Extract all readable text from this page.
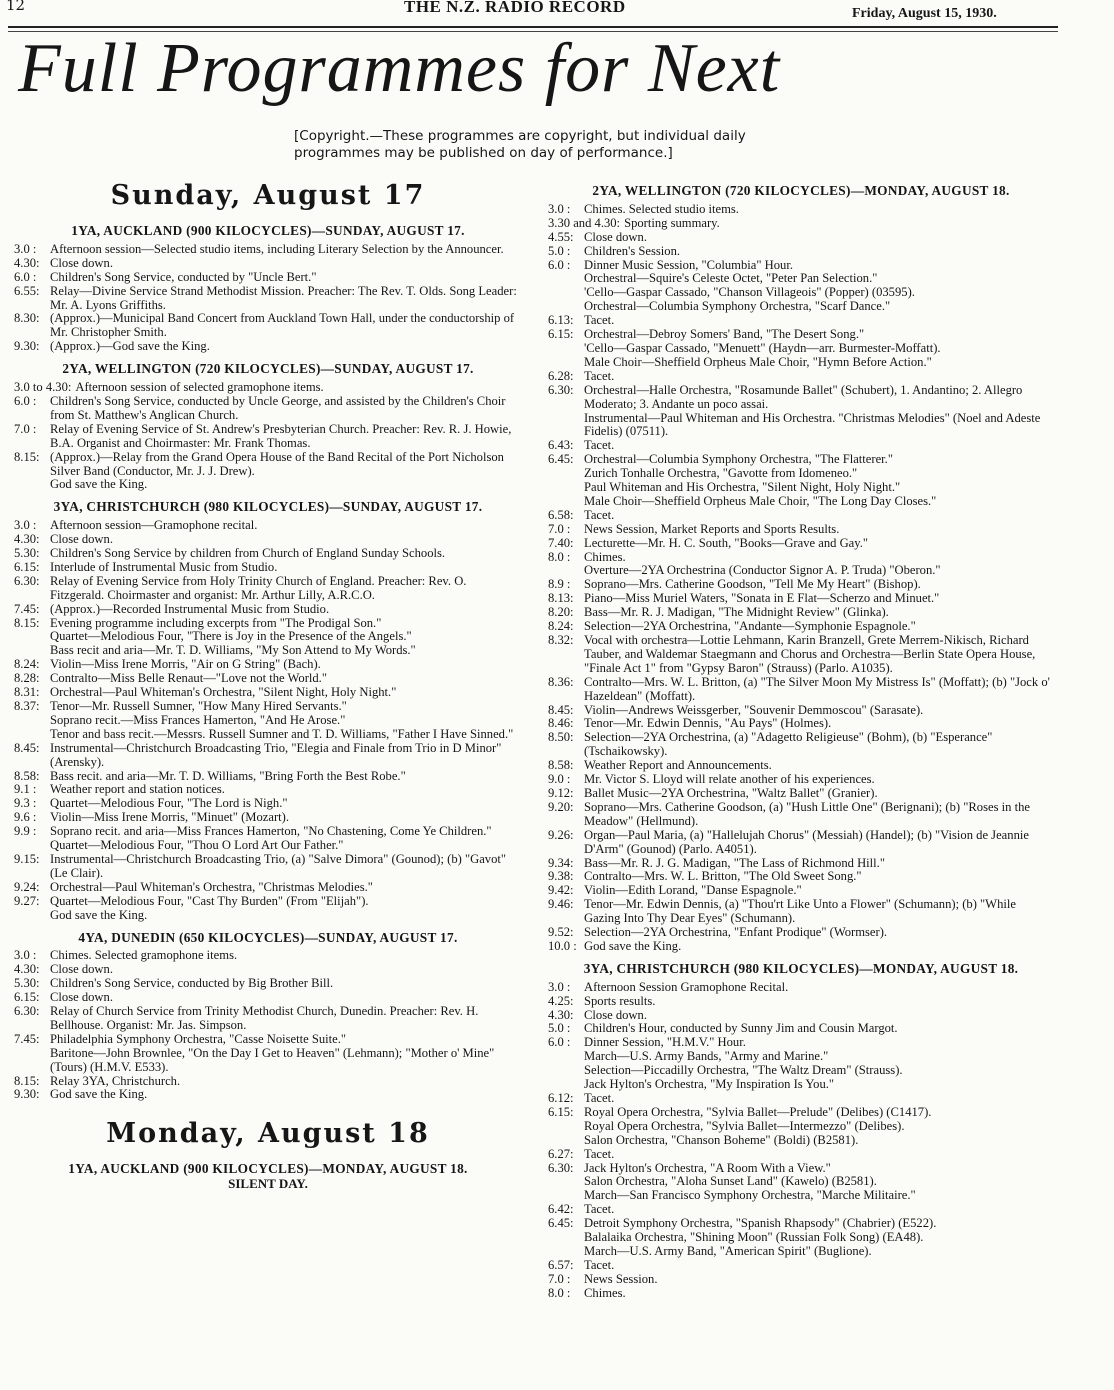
12	THE N.Z. RADIO RECORD	Friday, August 15, 1930.
Full Programmes for Next
[Copyright.—These programmes are copyright, but individual daily programmes may be published on day of performance.]
Sunday, August 17
1YA, AUCKLAND (900 KILOCYCLES)—SUNDAY, AUGUST 17.
3.0 :	Afternoon session—Selected studio items, including Literary Selection by the Announcer.
4.30: Close down.
6.0 :	Children's Song Service, conducted by "Uncle Bert."
6.55: Relay—Divine Service Strand Methodist Mission. Preacher: The Rev. T. Olds. Song Leader: Mr. A. Lyons Griffiths.
8.30: (Approx.)—Municipal Band Concert from Auckland Town Hall, under the conductorship of Mr. Christopher Smith.
9.30: (Approx.)—God save the King.
2YA, WELLINGTON (720 KILOCYCLES)—SUNDAY, AUGUST 17.
3.0 to 4.30: Afternoon session of selected gramophone items.
6.0 :	Children's Song Service, conducted by Uncle George, and assisted by the Children's Choir from St. Matthew's Anglican Church.
7.0 :	Relay of Evening Service of St. Andrew's Presbyterian Church. Preacher: Rev. R. J. Howie, B.A. Organist and Choirmaster: Mr. Frank Thomas.
8.15: (Approx.)—Relay from the Grand Opera House of the Band Recital of the Port Nicholson Silver Band (Conductor, Mr. J. J. Drew).
God save the King.
3YA, CHRISTCHURCH (980 KILOCYCLES)—SUNDAY, AUGUST 17.
3.0 :	Afternoon session—Gramophone recital.
4.30: Close down.
5.30: Children's Song Service by children from Church of England Sunday Schools.
6.15: Interlude of Instrumental Music from Studio.
6.30: Relay of Evening Service from Holy Trinity Church of England. Preacher: Rev. O. Fitzgerald. Choirmaster and organist: Mr. Arthur Lilly, A.R.C.O.
7.45: (Approx.)—Recorded Instrumental Music from Studio.
8.15: Evening programme including excerpts from "The Prodigal Son."
Quartet—Melodious Four, "There is Joy in the Presence of the Angels."
Bass recit and aria—Mr. T. D. Williams, "My Son Attend to My Words."
8.24: Violin—Miss Irene Morris, "Air on G String" (Bach).
8.28: Contralto—Miss Belle Renaut—"Love not the World."
8.31: Orchestral—Paul Whiteman's Orchestra, "Silent Night, Holy Night."
8.37: Tenor—Mr. Russell Sumner, "How Many Hired Servants."
Soprano recit.—Miss Frances Hamerton, "And He Arose."
Tenor and bass recit.—Messrs. Russell Sumner and T. D. Williams, "Father I Have Sinned."
8.45: Instrumental—Christchurch Broadcasting Trio, "Elegia and Finale from Trio in D Minor" (Arensky).
8.58: Bass recit. and aria—Mr. T. D. Williams, "Bring Forth the Best Robe."
9.1 :	Weather report and station notices.
9.3 :	Quartet—Melodious Four, "The Lord is Nigh."
9.6 :	Violin—Miss Irene Morris, "Minuet" (Mozart).
9.9 :	Soprano recit. and aria—Miss Frances Hamerton, "No Chastening, Come Ye Children."
Quartet—Melodious Four, "Thou O Lord Art Our Father."
9.15: Instrumental—Christchurch Broadcasting Trio, (a) "Salve Dimora" (Gounod); (b) "Gavot" (Le Clair).
9.24: Orchestral—Paul Whiteman's Orchestra, "Christmas Melodies."
9.27: Quartet—Melodious Four, "Cast Thy Burden" (From "Elijah").
God save the King.
4YA, DUNEDIN (650 KILOCYCLES)—SUNDAY, AUGUST 17.
3.0 :	Chimes. Selected gramophone items.
4.30: Close down.
5.30: Children's Song Service, conducted by Big Brother Bill.
6.15: Close down.
6.30: Relay of Church Service from Trinity Methodist Church, Dunedin. Preacher: Rev. H. Bellhouse. Organist: Mr. Jas. Simpson.
7.45: Philadelphia Symphony Orchestra, "Casse Noisette Suite."
Baritone—John Brownlee, "On the Day I Get to Heaven" (Lehmann); "Mother o' Mine" (Tours) (H.M.V. E533).
8.15: Relay 3YA, Christchurch.
9.30: God save the King.
Monday, August 18
1YA, AUCKLAND (900 KILOCYCLES)—MONDAY, AUGUST 18.
SILENT DAY.
2YA, WELLINGTON (720 KILOCYCLES)—MONDAY, AUGUST 18.
3.0 :	Chimes. Selected studio items.
3.30 and 4.30: Sporting summary.
4.55: Close down.
5.0 :	Children's Session.
6.0 :	Dinner Music Session, "Columbia" Hour.
Orchestral—Squire's Celeste Octet, "Peter Pan Selection."
'Cello—Gaspar Cassado, "Chanson Villageois" (Popper) (03595).
Orchestral—Columbia Symphony Orchestra, "Scarf Dance."
6.13: Tacet.
6.15: Orchestral—Debroy Somers' Band, "The Desert Song."
'Cello—Gaspar Cassado, "Menuett" (Haydn—arr. Burmester-Moffatt).
Male Choir—Sheffield Orpheus Male Choir, "Hymn Before Action."
6.28: Tacet.
6.30: Orchestral—Halle Orchestra, "Rosamunde Ballet" (Schubert), 1. Andantino; 2. Allegro Moderato; 3. Andante un poco assai.
Instrumental—Paul Whiteman and His Orchestra. "Christmas Melodies" (Noel and Adeste Fidelis) (07511).
6.43: Tacet.
6.45: Orchestral—Columbia Symphony Orchestra, "The Flatterer."
Zurich Tonhalle Orchestra, "Gavotte from Idomeneo."
Paul Whiteman and His Orchestra, "Silent Night, Holy Night."
Male Choir—Sheffield Orpheus Male Choir, "The Long Day Closes."
6.58: Tacet.
7.0 :	News Session, Market Reports and Sports Results.
7.40: Lecturette—Mr. H. C. South, "Books—Grave and Gay."
8.0 :	Chimes.
Overture—2YA Orchestrina (Conductor Signor A. P. Truda) "Oberon."
8.9 :	Soprano—Mrs. Catherine Goodson, "Tell Me My Heart" (Bishop).
8.13: Piano—Miss Muriel Waters, "Sonata in E Flat—Scherzo and Minuet."
8.20: Bass—Mr. R. J. Madigan, "The Midnight Review" (Glinka).
8.24: Selection—2YA Orchestrina, "Andante—Symphonie Espagnole."
8.32: Vocal with orchestra—Lottie Lehmann, Karin Branzell, Grete Merrem-Nikisch, Richard Tauber, and Waldemar Staegmann and Chorus and Orchestra—Berlin State Opera House, "Finale Act 1" from "Gypsy Baron" (Strauss) (Parlo. A1035).
8.36: Contralto—Mrs. W. L. Britton, (a) "The Silver Moon My Mistress Is" (Moffatt); (b) "Jock o' Hazeldean" (Moffatt).
8.45: Violin—Andrews Weissgerber, "Souvenir Demmoscou" (Sarasate).
8.46: Tenor—Mr. Edwin Dennis, "Au Pays" (Holmes).
8.50: Selection—2YA Orchestrina, (a) "Adagetto Religieuse" (Bohm), (b) "Esperance" (Tschaikowsky).
8.58: Weather Report and Announcements.
9.0 :	Mr. Victor S. Lloyd will relate another of his experiences.
9.12: Ballet Music—2YA Orchestrina, "Waltz Ballet" (Granier).
9.20: Soprano—Mrs. Catherine Goodson, (a) "Hush Little One" (Berignani); (b) "Roses in the Meadow" (Hellmund).
9.26: Organ—Paul Maria, (a) "Hallelujah Chorus" (Messiah) (Handel); (b) "Vision de Jeannie D'Arm" (Gounod) (Parlo. A4051).
9.34: Bass—Mr. R. J. G. Madigan, "The Lass of Richmond Hill."
9.38: Contralto—Mrs. W. L. Britton, "The Old Sweet Song."
9.42: Violin—Edith Lorand, "Danse Espagnole."
9.46: Tenor—Mr. Edwin Dennis, (a) "Thou'rt Like Unto a Flower" (Schumann); (b) "While Gazing Into Thy Dear Eyes" (Schumann).
9.52: Selection—2YA Orchestrina, "Enfant Prodique" (Wormser).
10.0 : God save the King.
3YA, CHRISTCHURCH (980 KILOCYCLES)—MONDAY, AUGUST 18.
3.0 :	Afternoon Session Gramophone Recital.
4.25: Sports results.
4.30: Close down.
5.0 :	Children's Hour, conducted by Sunny Jim and Cousin Margot.
6.0 :	Dinner Session, "H.M.V." Hour.
March—U.S. Army Bands, "Army and Marine."
Selection—Piccadilly Orchestra, "The Waltz Dream" (Strauss).
Jack Hylton's Orchestra, "My Inspiration Is You."
6.12: Tacet.
6.15: Royal Opera Orchestra, "Sylvia Ballet—Prelude" (Delibes) (C1417).
Royal Opera Orchestra, "Sylvia Ballet—Intermezzo" (Delibes).
Salon Orchestra, "Chanson Boheme" (Boldi) (B2581).
6.27: Tacet.
6.30: Jack Hylton's Orchestra, "A Room With a View."
Salon Orchestra, "Aloha Sunset Land" (Kawelo) (B2581).
March—San Francisco Symphony Orchestra, "Marche Militaire."
6.42: Tacet.
6.45: Detroit Symphony Orchestra, "Spanish Rhapsody" (Chabrier) (E522).
Balalaika Orchestra, "Shining Moon" (Russian Folk Song) (EA48).
March—U.S. Army Band, "American Spirit" (Buglione).
6.57: Tacet.
7.0 :	News Session.
8.0 :	Chimes.
